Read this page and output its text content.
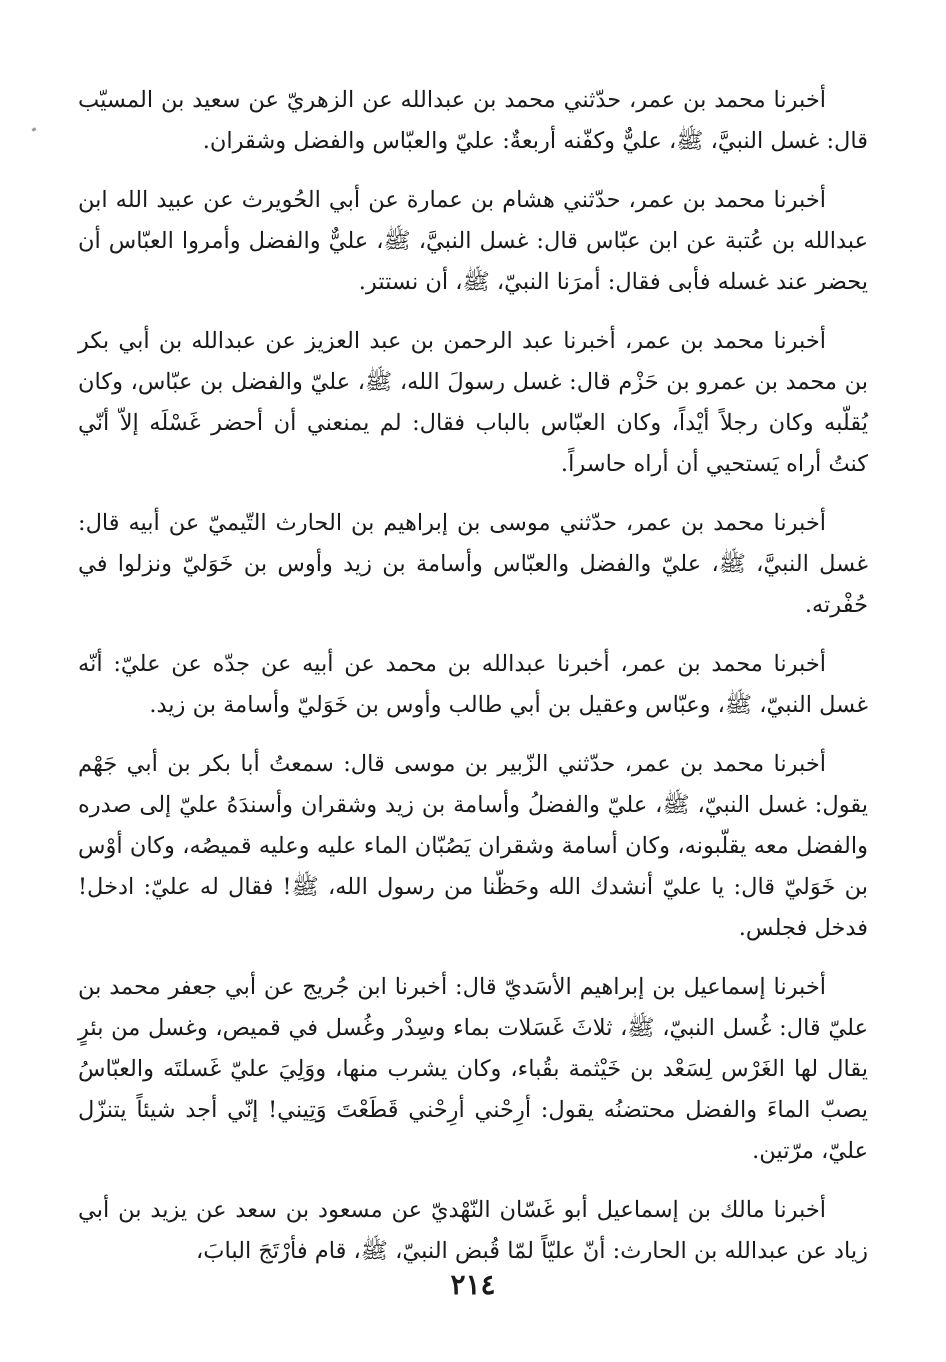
أخبرنا محمد بن عمر، حدّثني محمد بن عبدالله عن الزهريّ عن سعيد بن المسيّب قال: غسل النبيَّ، ﷺ، عليٌّ وكفّنه أربعةٌ: عليّ والعبّاس والفضل وشقران.

أخبرنا محمد بن عمر، حدّثني هشام بن عمارة عن أبي الحُويرث عن عبيد الله ابن عبدالله بن عُتبة عن ابن عبّاس قال: غسل النبيَّ، ﷺ، عليٌّ والفضل وأمروا العبّاس أن يحضر عند غسله فأبى فقال: أمرَنا النبيّ، ﷺ، أن نستتر.

أخبرنا محمد بن عمر، أخبرنا عبد الرحمن بن عبد العزيز عن عبدالله بن أبي بكر بن محمد بن عمرو بن حَزْم قال: غسل رسولَ الله، ﷺ، عليّ والفضل بن عبّاس، وكان يُقلّبه وكان رجلاً أيْداً، وكان العبّاس بالباب فقال: لم يمنعني أن أحضر غَسْلَه إلاّ أنّي كنتُ أراه يَستحيي أن أراه حاسراً.

أخبرنا محمد بن عمر، حدّثني موسى بن إبراهيم بن الحارث التّيميّ عن أبيه قال: غسل النبيَّ، ﷺ، عليّ والفضل والعبّاس وأسامة بن زيد وأوس بن خَوَليّ ونزلوا في حُفْرته.

أخبرنا محمد بن عمر، أخبرنا عبدالله بن محمد عن أبيه عن جدّه عن عليّ: أنّه غسل النبيّ، ﷺ، وعبّاس وعقيل بن أبي طالب وأوس بن خَوَليّ وأسامة بن زيد.

أخبرنا محمد بن عمر، حدّثني الزّبير بن موسى قال: سمعتُ أبا بكر بن أبي جَهْم يقول: غسل النبيّ، ﷺ، عليّ والفضلُ وأسامة بن زيد وشقران وأسندَهُ عليّ إلى صدره والفضل معه يقلّبونه، وكان أسامة وشقران يَصُبّان الماء عليه وعليه قميصُه، وكان أوْس بن خَوَليّ قال: يا عليّ أنشدك الله وحَظّنا من رسول الله، ﷺ! فقال له عليّ: ادخل! فدخل فجلس.

أخبرنا إسماعيل بن إبراهيم الأسَديّ قال: أخبرنا ابن جُريج عن أبي جعفر محمد بن عليّ قال: غُسل النبيّ، ﷺ، ثلاثَ غَسَلات بماء وسِدْر وغُسل في قميص، وغسل من بئرٍ يقال لها الغَرْس لِسَعْد بن خَيْثمة بقُباء، وكان يشرب منها، ووَلِيَ عليّ غَسلتَه والعبّاسُ يصبّ الماءَ والفضل محتضنُه يقول: أرِحْني أرِحْني قَطَعْتَ وَتِيني! إنّي أجد شيئاً يتنزّل عليّ، مرّتين.

أخبرنا مالك بن إسماعيل أبو غَسّان النّهْديّ عن مسعود بن سعد عن يزيد بن أبي زياد عن عبدالله بن الحارث: أنّ عليّاً لمّا قُبض النبيّ، ﷺ، قام فأرْتَجَ البابَ،

٢١٤
